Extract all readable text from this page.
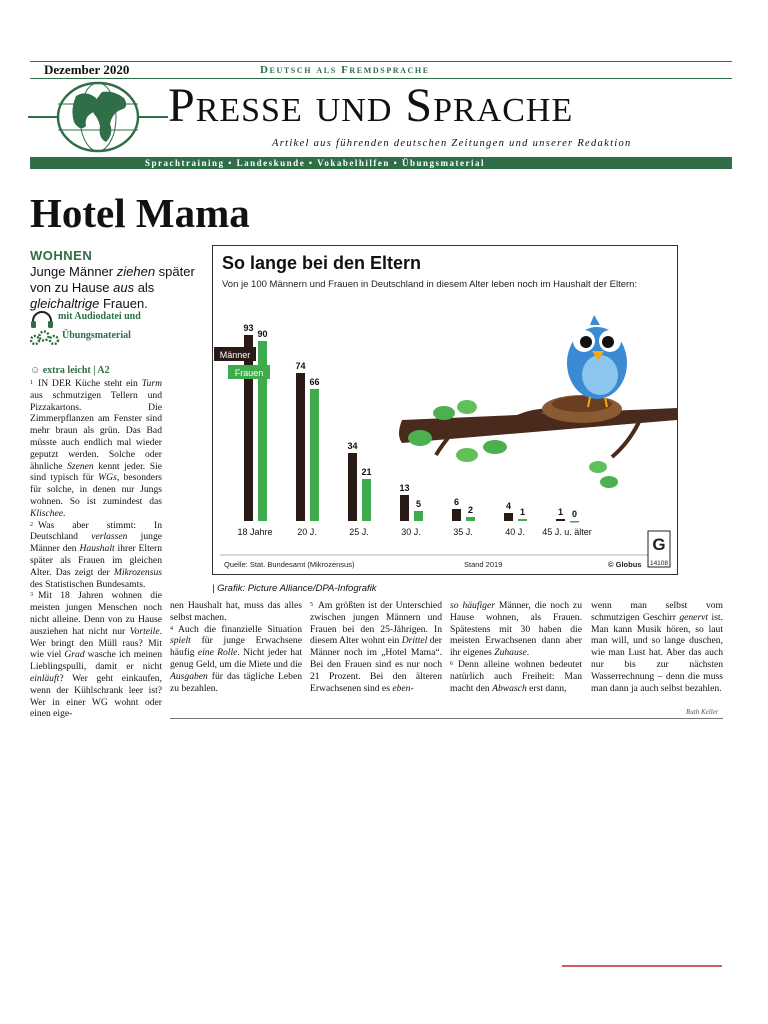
Dezember 2020	Deutsch als Fremdsprache
Presse und Sprache
Artikel aus führenden deutschen Zeitungen und unserer Redaktion
Sprachtraining • Landeskunde • Vokabelhilfen • Übungsmaterial
Hotel Mama
WOHNEN
Junge Männer ziehen später von zu Hause aus als gleichaltrige Frauen.
mit Audiodatei und
Übungsmaterial
☺ extra leicht | A2
So lange bei den Eltern
Von je 100 Männern und Frauen in Deutschland in diesem Alter leben noch im Haushalt der Eltern:
93
90
18 Jahre
74
66
20 J.
34
21
25 J.
13
5
30 J.
6
2
35 J.
4
1
40 J.
1 0
45 J. u. älter
Männer
Frauen
Quelle: Stat. Bundesamt (Mikrozensus)	Stand 2019	© Globus
G
14108
| Grafik: Picture Alliance/DPA-Infografik

$^1$ IN DER Küche steht ein Turm aus schmutzigen Tellern und Pizzakartons. Die Zimmerpflanzen am Fenster sind mehr braun als grün. Das Bad müsste auch endlich mal wieder geputzt werden. Solche oder ähnliche Szenen kennt jeder. Sie sind typisch für WGs, besonders für solche, in denen nur Jungs wohnen. So ist zumindest das Klischee.

$^2$ Was aber stimmt: In Deutschland verlassen junge Männer den Haushalt ihrer Eltern später als Frauen im gleichen Alter. Das zeigt der Mikrozensus des Statistischen Bundesamts.

$^3$ Mit 18 Jahren wohnen die meisten jungen Menschen noch nicht alleine. Denn von zu Hause ausziehen hat nicht nur Vorteile. Wer bringt den Müll raus? Mit wie viel Grad wasche ich meinen Lieblingspulli, damit er nicht einläuft? Wer geht einkaufen, wenn der Kühlschrank leer ist? Wer in einer WG wohnt oder einen eige-

nen Haushalt hat, muss das alles selbst machen.

$^4$ Auch die finanzielle Situation spielt für junge Erwachsene häufig eine Rolle. Nicht jeder hat genug Geld, um die Miete und die Ausgaben für das tägliche Leben zu bezahlen.

$^5$ Am größten ist der Unterschied zwischen jungen Männern und Frauen bei den 25-Jährigen. In diesem Alter wohnt ein Drittel der Männer noch im „Hotel Mama“. Bei den Frauen sind es nur noch 21 Prozent. Bei den älteren Erwachsenen sind es eben-

so häufiger Männer, die noch zu Hause wohnen, als Frauen. Spätestens mit 30 haben die meisten Erwachsenen dann aber ihr eigenes Zuhause.

$^6$ Denn alleine wohnen bedeutet natürlich auch Freiheit: Man macht den Abwasch erst dann,

wenn man selbst vom schmutzigen Geschirr genervt ist. Man kann Musik hören, so laut man will, und so lange duschen, wie man Lust hat. Aber das auch nur bis zur nächsten Wasserrechnung – denn die muss man dann ja auch selbst bezahlen.

Ruth Keller
